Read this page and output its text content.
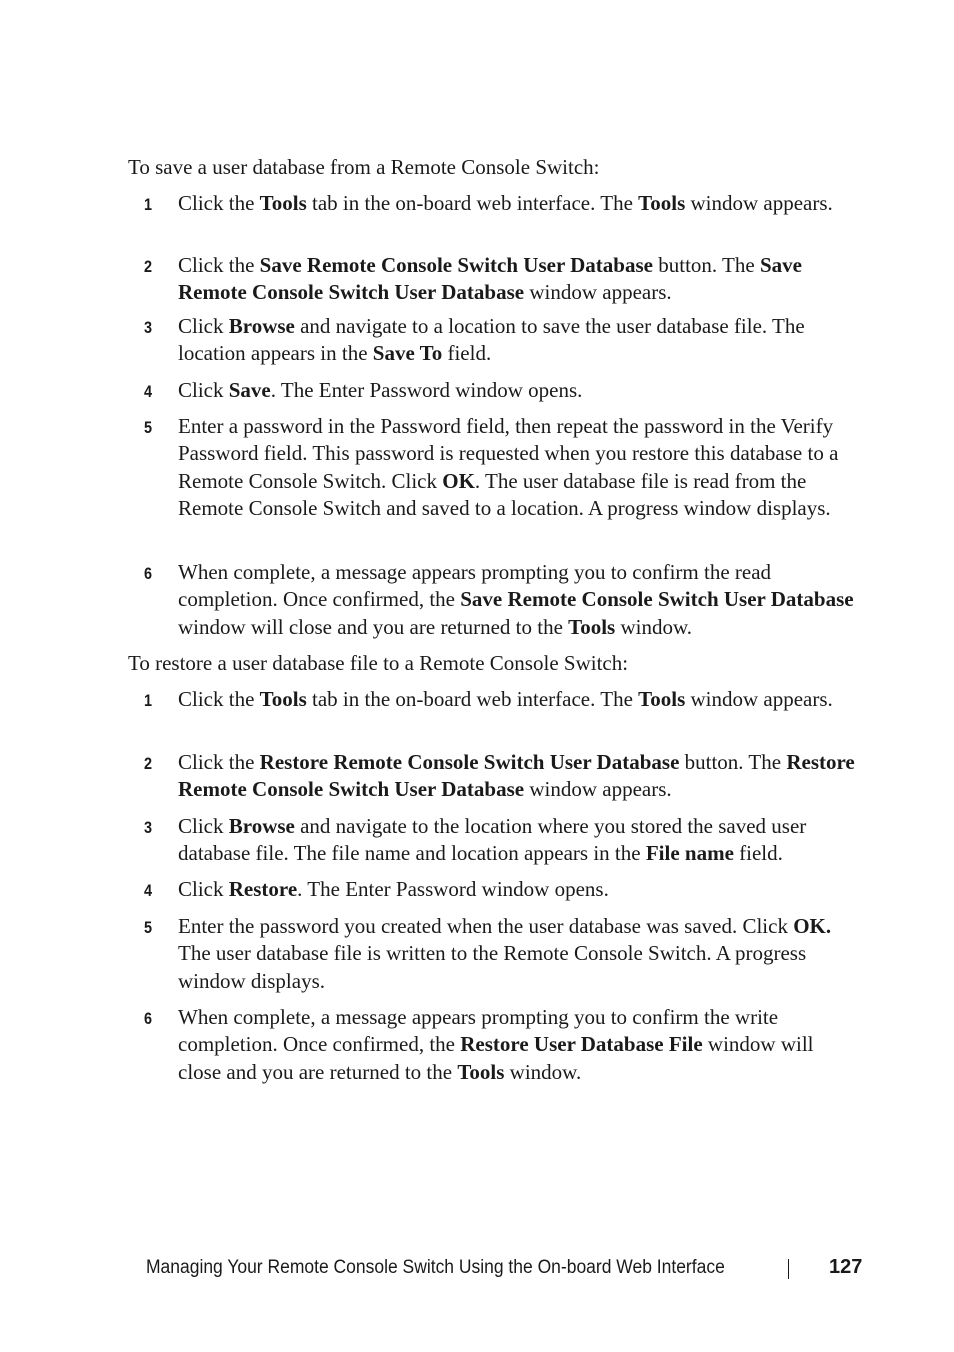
To save a user database from a Remote Console Switch:

1 Click the Tools tab in the on-board web interface. The Tools window appears.

2 Click the Save Remote Console Switch User Database button. The Save Remote Console Switch User Database window appears.

3 Click Browse and navigate to a location to save the user database file. The location appears in the Save To field.

4 Click Save. The Enter Password window opens.

5 Enter a password in the Password field, then repeat the password in the Verify Password field. This password is requested when you restore this database to a Remote Console Switch. Click OK. The user database file is read from the Remote Console Switch and saved to a location. A progress window displays.

6 When complete, a message appears prompting you to confirm the read completion. Once confirmed, the Save Remote Console Switch User Database window will close and you are returned to the Tools window.

To restore a user database file to a Remote Console Switch:

1 Click the Tools tab in the on-board web interface. The Tools window appears.

2 Click the Restore Remote Console Switch User Database button. The Restore Remote Console Switch User Database window appears.

3 Click Browse and navigate to the location where you stored the saved user database file. The file name and location appears in the File name field.

4 Click Restore. The Enter Password window opens.

5 Enter the password you created when the user database was saved. Click OK. The user database file is written to the Remote Console Switch. A progress window displays.

6 When complete, a message appears prompting you to confirm the write completion. Once confirmed, the Restore User Database File window will close and you are returned to the Tools window.

Managing Your Remote Console Switch Using the On-board Web Interface	127
